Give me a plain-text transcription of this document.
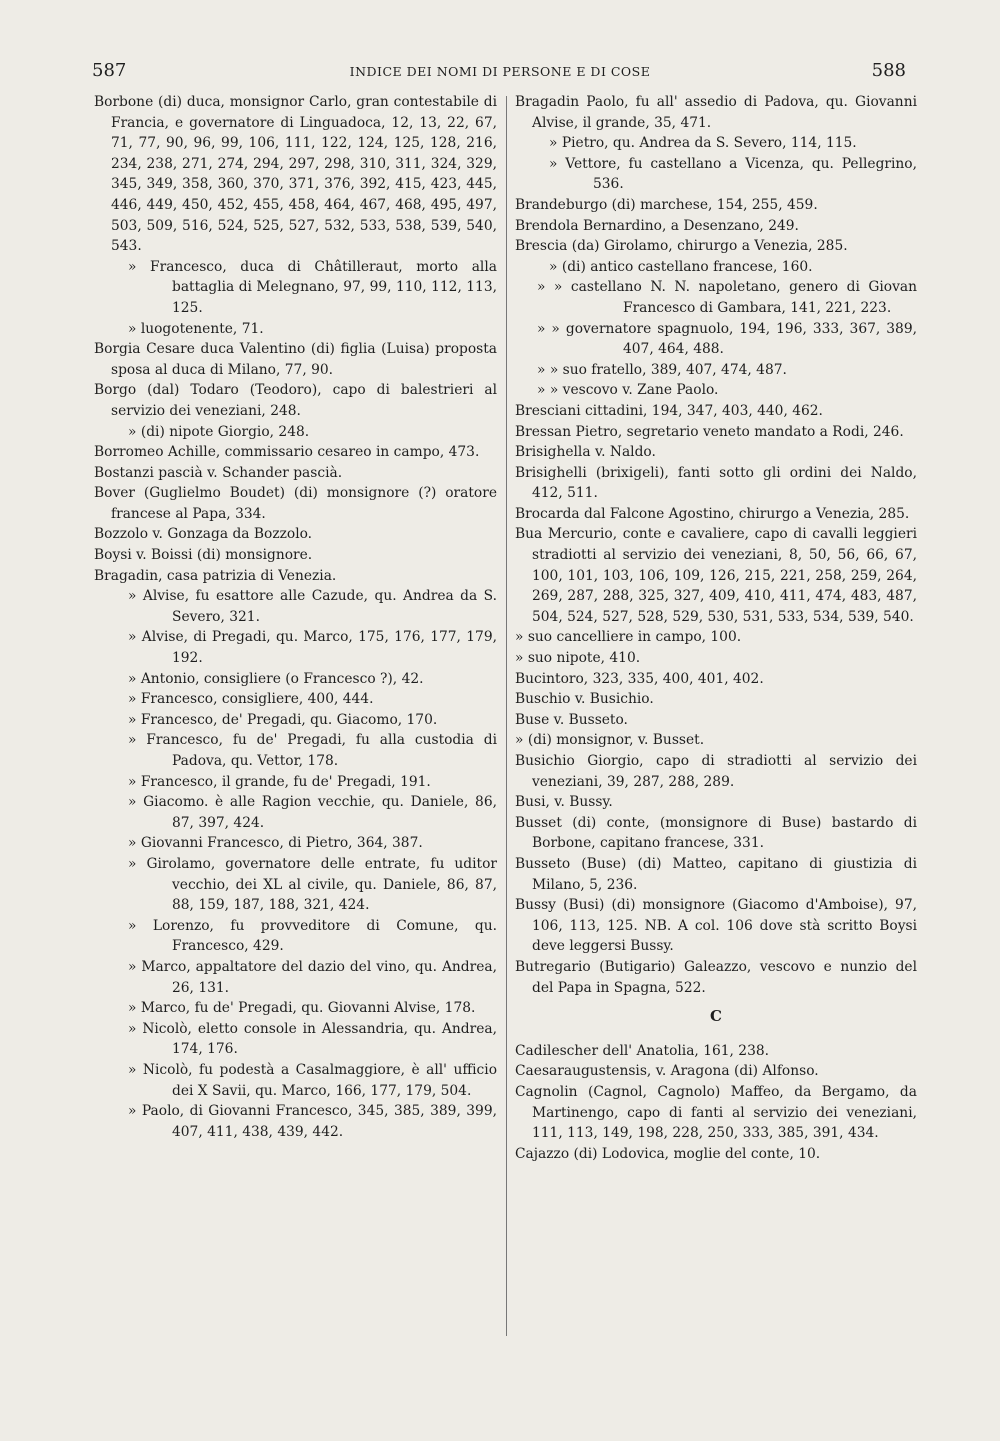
587	INDICE DEI NOMI DI PERSONE E DI COSE	588

Borbone (di) duca, monsignor Carlo, gran contestabile di Francia, e governatore di Linguadoca, 12, 13, 22, 67, 71, 77, 90, 96, 99, 106, 111, 122, 124, 125, 128, 216, 234, 238, 271, 274, 294, 297, 298, 310, 311, 324, 329, 345, 349, 358, 360, 370, 371, 376, 392, 415, 423, 445, 446, 449, 450, 452, 455, 458, 464, 467, 468, 495, 497, 503, 509, 516, 524, 525, 527, 532, 533, 538, 539, 540, 543.

» Francesco, duca di Châtilleraut, morto alla battaglia di Melegnano, 97, 99, 110, 112, 113, 125.

» luogotenente, 71.

Borgia Cesare duca Valentino (di) figlia (Luisa) proposta sposa al duca di Milano, 77, 90.

Borgo (dal) Todaro (Teodoro), capo di balestrieri al servizio dei veneziani, 248.

» (di) nipote Giorgio, 248.

Borromeo Achille, commissario cesareo in campo, 473.

Bostanzi pascià v. Schander pascià.

Bover (Guglielmo Boudet) (di) monsignore (?) oratore francese al Papa, 334.

Bozzolo v. Gonzaga da Bozzolo.

Boysi v. Boissi (di) monsignore.

Bragadin, casa patrizia di Venezia.

» Alvise, fu esattore alle Cazude, qu. Andrea da S. Severo, 321.

» Alvise, di Pregadi, qu. Marco, 175, 176, 177, 179, 192.

» Antonio, consigliere (o Francesco ?), 42.

» Francesco, consigliere, 400, 444.

» Francesco, de' Pregadi, qu. Giacomo, 170.

» Francesco, fu de' Pregadi, fu alla custodia di Padova, qu. Vettor, 178.

» Francesco, il grande, fu de' Pregadi, 191.

» Giacomo. è alle Ragion vecchie, qu. Daniele, 86, 87, 397, 424.

» Giovanni Francesco, di Pietro, 364, 387.

» Girolamo, governatore delle entrate, fu uditor vecchio, dei XL al civile, qu. Daniele, 86, 87, 88, 159, 187, 188, 321, 424.

» Lorenzo, fu provveditore di Comune, qu. Francesco, 429.

» Marco, appaltatore del dazio del vino, qu. Andrea, 26, 131.

» Marco, fu de' Pregadi, qu. Giovanni Alvise, 178.

» Nicolò, eletto console in Alessandria, qu. Andrea, 174, 176.

» Nicolò, fu podestà a Casalmaggiore, è all' ufficio dei X Savii, qu. Marco, 166, 177, 179, 504.

» Paolo, di Giovanni Francesco, 345, 385, 389, 399, 407, 411, 438, 439, 442.

Bragadin Paolo, fu all' assedio di Padova, qu. Giovanni Alvise, il grande, 35, 471.

» Pietro, qu. Andrea da S. Severo, 114, 115.

» Vettore, fu castellano a Vicenza, qu. Pellegrino, 536.

Brandeburgo (di) marchese, 154, 255, 459.

Brendola Bernardino, a Desenzano, 249.

Brescia (da) Girolamo, chirurgo a Venezia, 285.

» (di) antico castellano francese, 160.

» » castellano N. N. napoletano, genero di Giovan Francesco di Gambara, 141, 221, 223.

» » governatore spagnuolo, 194, 196, 333, 367, 389, 407, 464, 488.

» » suo fratello, 389, 407, 474, 487.

» » vescovo v. Zane Paolo.

Bresciani cittadini, 194, 347, 403, 440, 462.

Bressan Pietro, segretario veneto mandato a Rodi, 246.

Brisighella v. Naldo.

Brisighelli (brixigeli), fanti sotto gli ordini dei Naldo, 412, 511.

Brocarda dal Falcone Agostino, chirurgo a Venezia, 285.

Bua Mercurio, conte e cavaliere, capo di cavalli leggieri stradiotti al servizio dei veneziani, 8, 50, 56, 66, 67, 100, 101, 103, 106, 109, 126, 215, 221, 258, 259, 264, 269, 287, 288, 325, 327, 409, 410, 411, 474, 483, 487, 504, 524, 527, 528, 529, 530, 531, 533, 534, 539, 540.

» suo cancelliere in campo, 100.

» suo nipote, 410.

Bucintoro, 323, 335, 400, 401, 402.

Buschio v. Busichio.

Buse v. Busseto.

» (di) monsignor, v. Busset.

Busichio Giorgio, capo di stradiotti al servizio dei veneziani, 39, 287, 288, 289.

Busi, v. Bussy.

Busset (di) conte, (monsignore di Buse) bastardo di Borbone, capitano francese, 331.

Busseto (Buse) (di) Matteo, capitano di giustizia di Milano, 5, 236.

Bussy (Busi) (di) monsignore (Giacomo d'Amboise), 97, 106, 113, 125. NB. A col. 106 dove stà scritto Boysi deve leggersi Bussy.

Butregario (Butigario) Galeazzo, vescovo e nunzio del del Papa in Spagna, 522.

C

Cadilescher dell' Anatolia, 161, 238.

Caesaraugustensis, v. Aragona (di) Alfonso.

Cagnolin (Cagnol, Cagnolo) Maffeo, da Bergamo, da Martinengo, capo di fanti al servizio dei veneziani, 111, 113, 149, 198, 228, 250, 333, 385, 391, 434.

Cajazzo (di) Lodovica, moglie del conte, 10.
